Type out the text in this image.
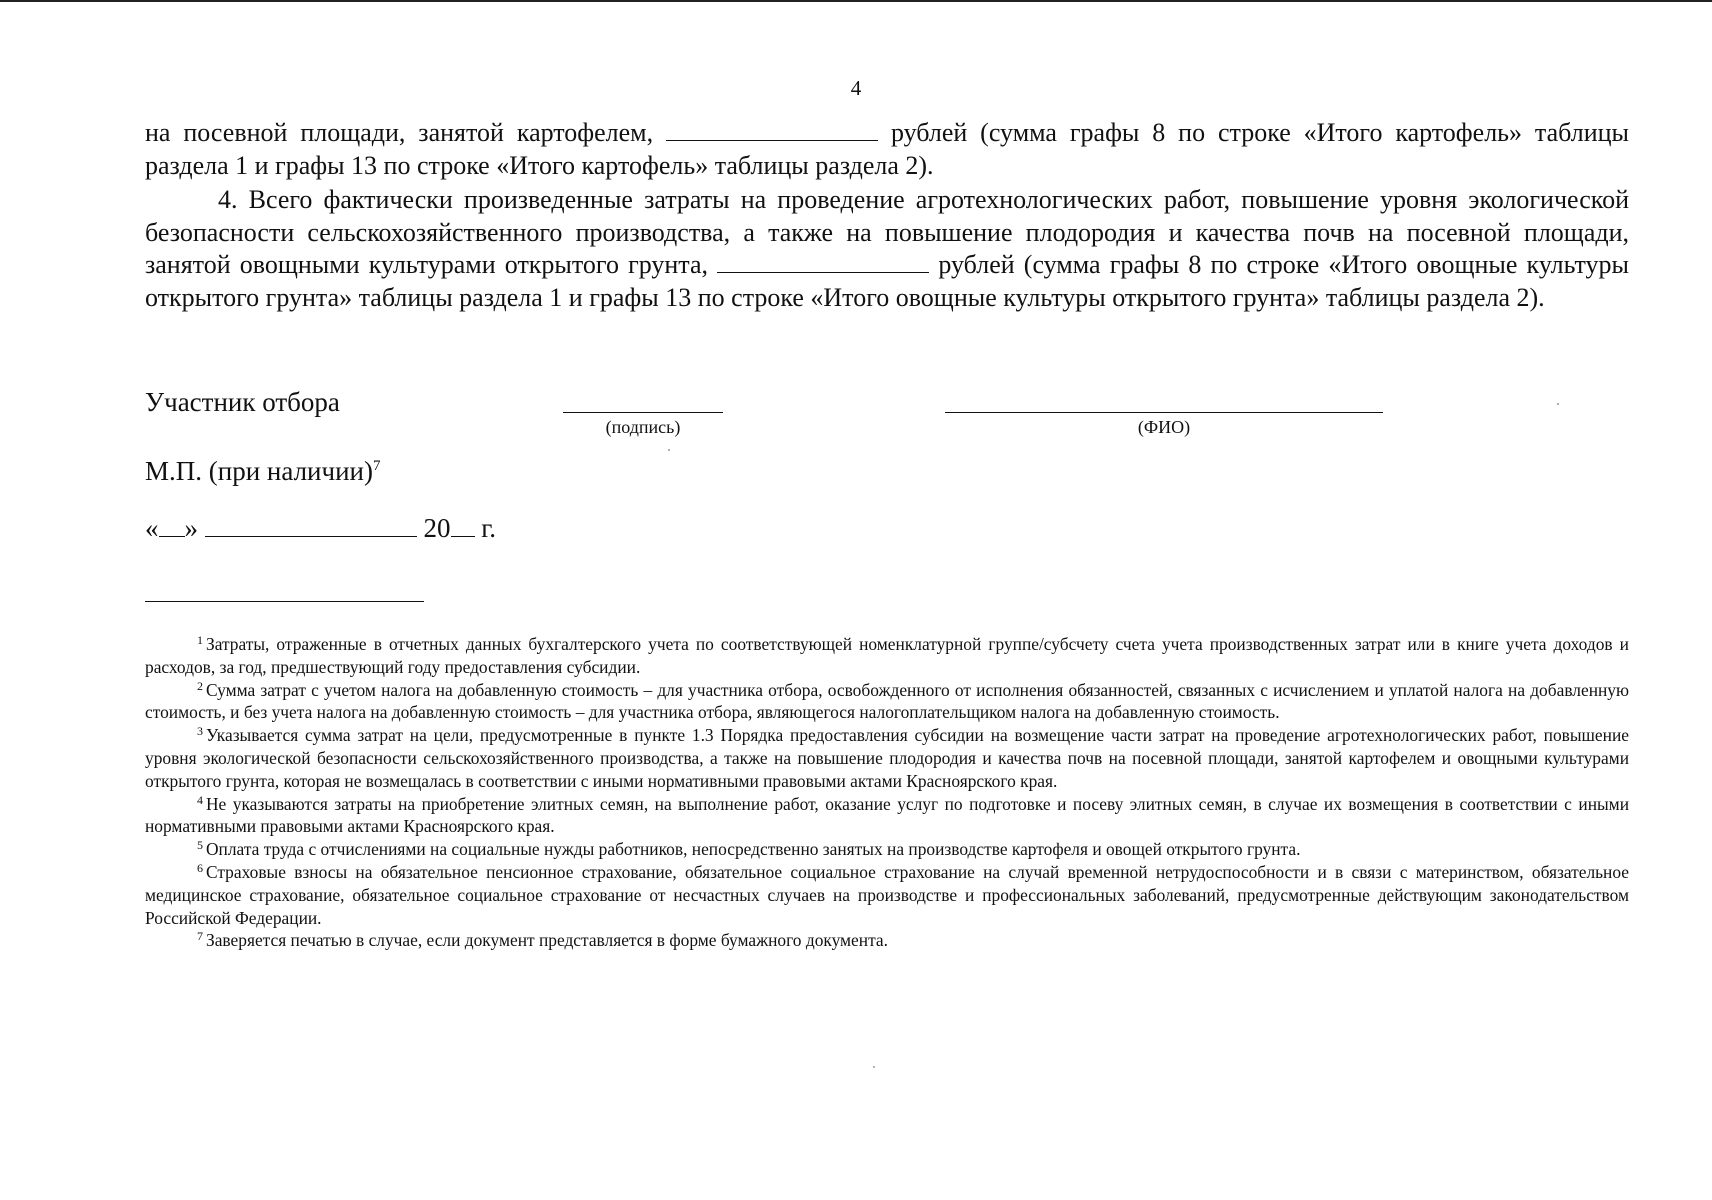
4

на посевной площади, занятой картофелем,	рублей (сумма графы 8 по строке «Итого картофель» таблицы раздела 1 и графы 13 по строке «Итого картофель» таблицы раздела 2).

4. Всего фактически произведенные затраты на проведение агротехнологических работ, повышение уровня экологической безопасности сельскохозяйственного производства, а также на повышение плодородия и качества почв на посевной площади, занятой овощными культурами открытого грунта,	рублей (сумма графы 8 по строке «Итого овощные культуры открытого грунта» таблицы раздела 1 и графы 13 по строке «Итого овощные культуры открытого грунта» таблицы раздела 2).

Участник отбора
(подпись)	(ФИО)
М.П. (при наличии)$^7$
« »	20 г.

$^1$ Затраты, отраженные в отчетных данных бухгалтерского учета по соответствующей номенклатурной группе/субсчету счета учета производственных затрат или в книге учета доходов и расходов, за год, предшествующий году предоставления субсидии.

$^2$ Сумма затрат с учетом налога на добавленную стоимость – для участника отбора, освобожденного от исполнения обязанностей, связанных с исчислением и уплатой налога на добавленную стоимость, и без учета налога на добавленную стоимость – для участника отбора, являющегося налогоплательщиком налога на добавленную стоимость.

$^3$ Указывается сумма затрат на цели, предусмотренные в пункте 1.3 Порядка предоставления субсидии на возмещение части затрат на проведение агротехнологических работ, повышение уровня экологической безопасности сельскохозяйственного производства, а также на повышение плодородия и качества почв на посевной площади, занятой картофелем и овощными культурами открытого грунта, которая не возмещалась в соответствии с иными нормативными правовыми актами Красноярского края.

$^4$ Не указываются затраты на приобретение элитных семян, на выполнение работ, оказание услуг по подготовке и посеву элитных семян, в случае их возмещения в соответствии с иными нормативными правовыми актами Красноярского края.

$^5$ Оплата труда с отчислениями на социальные нужды работников, непосредственно занятых на производстве картофеля и овощей открытого грунта.

$^6$ Страховые взносы на обязательное пенсионное страхование, обязательное социальное страхование на случай временной нетрудоспособности и в связи с материнством, обязательное медицинское страхование, обязательное социальное страхование от несчастных случаев на производстве и профессиональных заболеваний, предусмотренные действующим законодательством Российской Федерации.

$^7$ Заверяется печатью в случае, если документ представляется в форме бумажного документа.
